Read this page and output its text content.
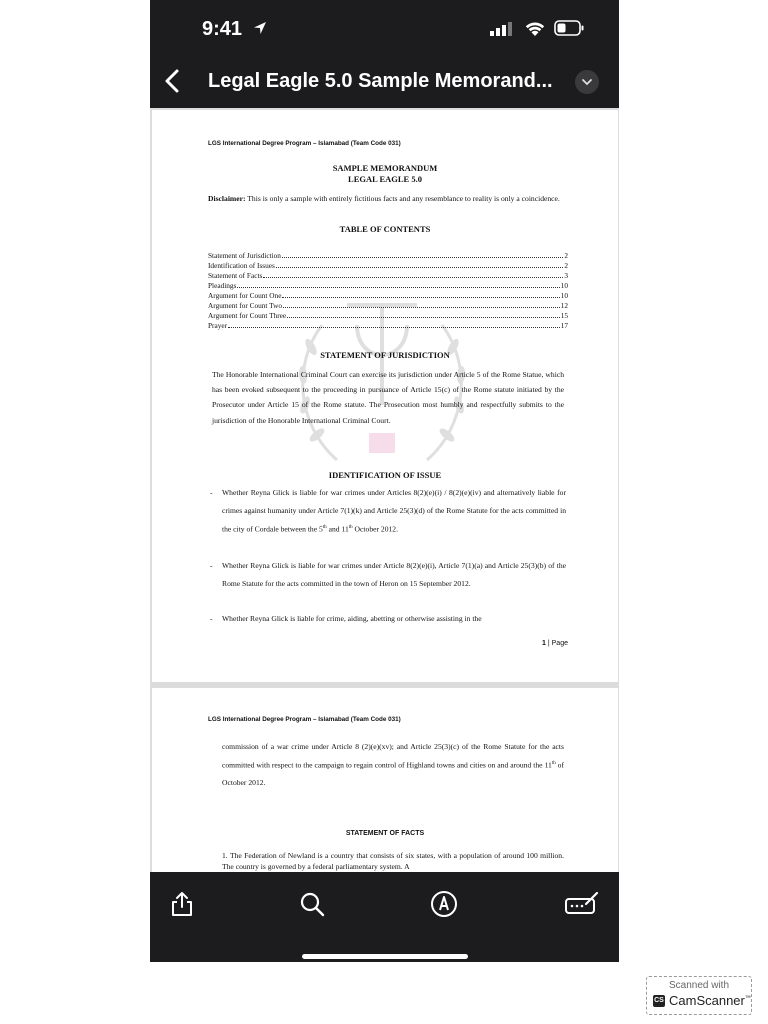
9:41
Legal Eagle 5.0 Sample Memorand...
LGS International Degree Program – Islamabad (Team Code 031)
SAMPLE MEMORANDUM
LEGAL EAGLE 5.0
Disclaimer: This is only a sample with entirely fictitious facts and any resemblance to reality is only a coincidence.
TABLE OF CONTENTS
Statement of Jurisdiction	2
Identification of Issues	2
Statement of Facts	3
Pleadings	10
Argument for Count One	10
Argument for Count Two	12
Argument for Count Three	15
Prayer	17
STATEMENT OF JURISDICTION
The Honorable International Criminal Court can exercise its jurisdiction under Article 5 of the Rome Statue, which has been evoked subsequent to the proceeding in pursuance of Article 15(c) of the Rome statute initiated by the Prosecutor under Article 15 of the Rome statute. The Prosecution most humbly and respectfully submits to the jurisdiction of the Honorable International Criminal Court.
IDENTIFICATION OF ISSUE
- Whether Reyna Glick is liable for war crimes under Articles 8(2)(e)(i) / 8(2)(e)(iv) and alternatively liable for crimes against humanity under Article 7(1)(k) and Article 25(3)(d) of the Rome Statute for the acts committed in the city of Cordale between the 5th and 11th October 2012.
- Whether Reyna Glick is liable for war crimes under Article 8(2)(e)(i), Article 7(1)(a) and Article 25(3)(b) of the Rome Statute for the acts committed in the town of Heron on 15 September 2012.
- Whether Reyna Glick is liable for crime, aiding, abetting or otherwise assisting in the
1 | Page
LGS International Degree Program – Islamabad (Team Code 031)
commission of a war crime under Article 8 (2)(e)(xv); and Article 25(3)(c) of the Rome Statute for the acts committed with respect to the campaign to regain control of Highland towns and cities on and around the 11th of October 2012.
STATEMENT OF FACTS
1. The Federation of Newland is a country that consists of six states, with a population of around 100 million. The country is governed by a federal parliamentary system. A
Scanned with
CS CamScanner™
